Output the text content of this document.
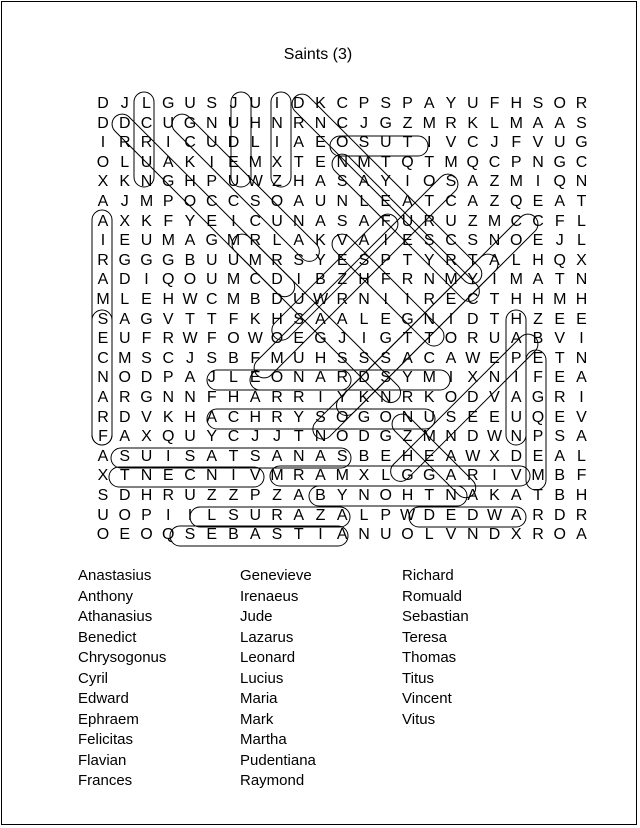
Saints (3)
D J L G U S J U I D K C P S P A Y U F H S O R
D D C U G N U H N R N C J G Z M R K L M A A S
I R R I C U D L I A E O S U T I V C J F V U G
O L U A K I E M X T E N M T Q T M Q C P N G C
X K N G H P U W Z H A S A Y I O S A Z M I Q N
A J M P O C C S O A U N L E A T C A Z Q E A T
A X K F Y E I C U N A S A F U R U Z M C C F L
I E U M A G M R L A K V A I E S C S N O E J L
R G G G B U U M R S Y E S P T Y R T A L H Q X
A D I Q O U M C D I B Z H F R N M Y I M A T N
M L E H W C M B D U W R N I	I R E C T H H M H
S A G V T T F K H S A A L E G N I D T H Z E E
E U F R W F O W O E G J I G T T O R U A B V I
C M S C J S B F M U H S S S A C A W E P E T N
N O D P A J L E O N A R D S Y M I X N I F E A
A R G N N F H A R R I Y K N R K O D V A G R I
R D V K H A C H R Y S O G O N U S E E U Q E V
F A X Q U Y C J J T N O D G Z M N D W N P S A
A S U I S A T S A N A S B E H E A W X D E A L
X T N E C N I V M R A M X L G G A R I V M B F
S D H R U Z Z P Z A B Y N O H T N A K A T B H
U O P I	I L S U R A Z A L P W D E D W A R D R
O E O Q S E B A S T I A N U O L V N D X R O A
Anastasius
Anthony
Athanasius
Benedict
Chrysogonus
Cyril
Edward
Ephraem
Felicitas
Flavian
Frances
Genevieve
Irenaeus
Jude
Lazarus
Leonard
Lucius
Maria
Mark
Martha
Pudentiana
Raymond
Richard
Romuald
Sebastian
Teresa
Thomas
Titus
Vincent
Vitus
